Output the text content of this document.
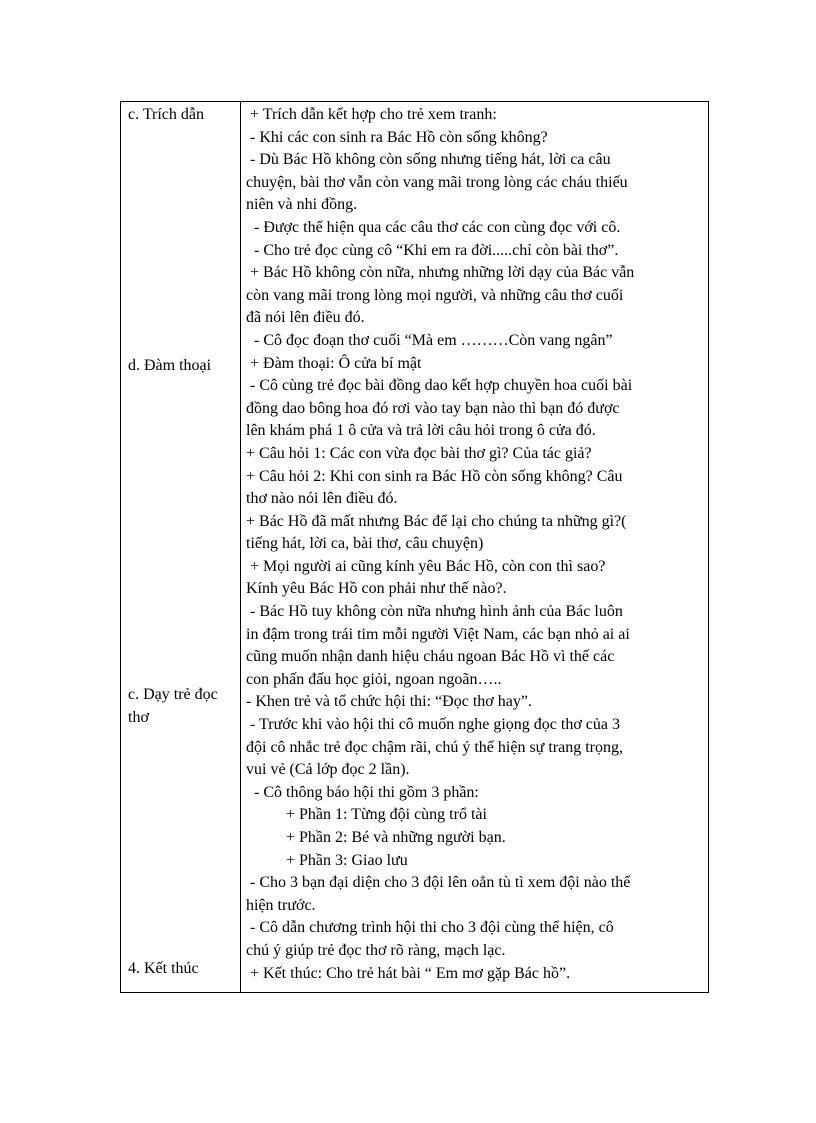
c. Trích dẫn
d. Đàm thoại
c. Dạy trẻ đọc thơ
4. Kết thúc
+ Trích dẫn kết hợp cho trẻ xem tranh:
- Khi các con sinh ra Bác Hồ còn sống không?
- Dù Bác Hồ không còn sống nhưng tiếng hát, lời ca câu
chuyện, bài thơ vẫn còn vang mãi trong lòng các cháu thiếu
niên và nhi đồng.
- Được thể hiện qua các câu thơ các con cùng đọc với cô.
- Cho trẻ đọc cùng cô “Khi em ra đời.....chỉ còn bài thơ”.
+ Bác Hồ không còn nữa, nhưng những lời dạy của Bác vẫn
còn vang mãi trong lòng mọi người, và những câu thơ cuối
đã nói lên điều đó.
- Cô đọc đoạn thơ cuối “Mà em ………Còn vang ngân”
+ Đàm thoại: Ô cửa bí mật
- Cô cùng trẻ đọc bài đồng dao kết hợp chuyền hoa cuối bài
đồng dao bông hoa đó rơi vào tay bạn nào thì bạn đó được
lên khám phá 1 ô cửa và trả lời câu hỏi trong ô cửa đó.
+ Câu hỏi 1: Các con vừa đọc bài thơ gì? Của tác giả?
+ Câu hỏi 2: Khi con sinh ra Bác Hồ còn sống không? Câu
thơ nào nói lên điều đó.
+ Bác Hồ đã mất nhưng Bác để lại cho chúng ta những gì?(
tiếng hát, lời ca, bài thơ, câu chuyện)
+ Mọi người ai cũng kính yêu Bác Hồ, còn con thì sao?
Kính yêu Bác Hồ con phải như thế nào?.
- Bác Hồ tuy không còn nữa nhưng hình ảnh của Bác luôn
in đậm trong trái tim mỗi người Việt Nam, các bạn nhỏ ai ai
cũng muốn nhận danh hiệu cháu ngoan Bác Hồ vì thế các
con phấn đấu học giỏi, ngoan ngoãn…..
- Khen trẻ và tổ chức hội thi: “Đọc thơ hay”.
- Trước khi vào hội thi cô muốn nghe giọng đọc thơ của 3
đội cô nhắc trẻ đọc chậm rãi, chú ý thể hiện sự trang trọng,
vui vẻ (Cả lớp đọc 2 lần).
- Cô thông báo hội thi gồm 3 phần:
+ Phần 1: Từng đội cùng trổ tài
+ Phần 2: Bé và những người bạn.
+ Phần 3: Giao lưu
- Cho 3 bạn đại diện cho 3 đội lên oẳn tù tì xem đội nào thể
hiện trước.
- Cô dẫn chương trình hội thi cho 3 đội cùng thể hiện, cô
chú ý giúp trẻ đọc thơ rõ ràng, mạch lạc.
+ Kết thúc: Cho trẻ hát bài “ Em mơ gặp Bác hồ”.
